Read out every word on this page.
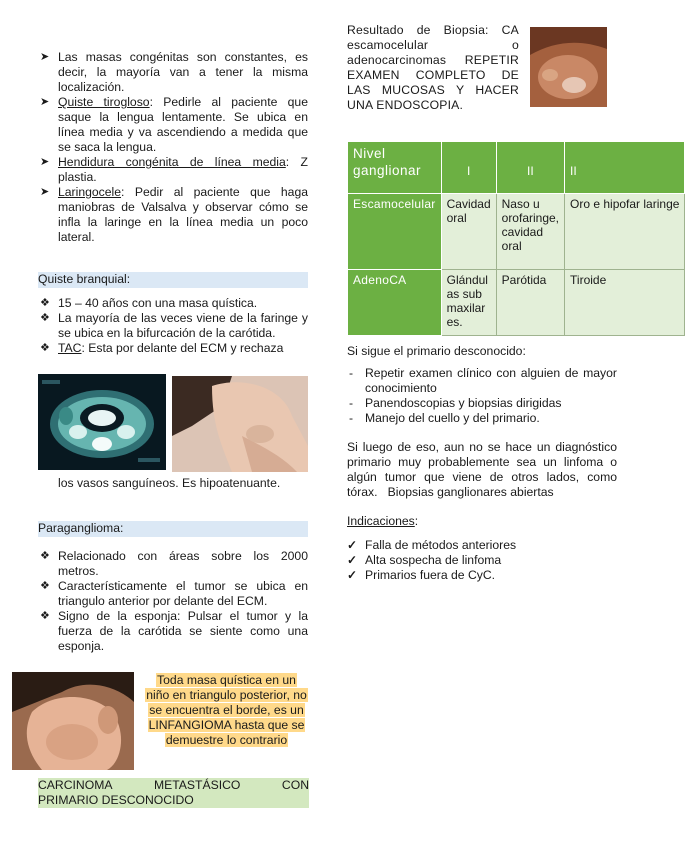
➤ Las masas congénitas son constantes, es decir, la mayoría van a tener la misma localización.
➤ Quiste tirogloso: Pedirle al paciente que saque la lengua lentamente. Se ubica en línea media y va ascendiendo a medida que se saca la lengua.
➤ Hendidura congénita de línea media: Z plastia.
➤ Laringocele: Pedir al paciente que haga maniobras de Valsalva y observar cómo se infla la laringe en la línea media un poco lateral.
Quiste branquial:
❖ 15 – 40 años con una masa quística.
❖ La mayoría de las veces viene de la faringe y se ubica en la bifurcación de la carótida.
❖ TAC: Esta por delante del ECM y rechaza
los vasos sanguíneos. Es hipoatenuante.
Paraganglioma:
❖ Relacionado con áreas sobre los 2000 metros.
❖ Característicamente el tumor se ubica en triangulo anterior por delante del ECM.
❖ Signo de la esponja: Pulsar el tumor y la fuerza de la carótida se siente como una esponja.
Toda masa quística en un niño en triangulo posterior, no se encuentra el borde, es un LINFANGIOMA hasta que se demuestre lo contrario
CARCINOMA	METASTÁSICO	CON
PRIMARIO DESCONOCIDO
Resultado de Biopsia: CA escamocelular o adenocarcinomas REPETIR EXAMEN COMPLETO DE LAS MUCOSAS Y HACER UNA ENDOSCOPIA.
Nivel ganglionar	I	II	II
Escamocelular	Cavidad oral	Naso u orofaringe, cavidad oral	Oro e hipofar laringe
AdenoCA	Glándulas submaxilares.	Parótida	Tiroide
Si sigue el primario desconocido:
- Repetir examen clínico con alguien de mayor conocimiento
- Panendoscopias y biopsias dirigidas
- Manejo del cuello y del primario.
Si luego de eso, aun no se hace un diagnóstico primario muy probablemente sea un linfoma o algún tumor que viene de otros lados, como tórax.   Biopsias ganglionares abiertas
Indicaciones:
✓ Falla de métodos anteriores
✓ Alta sospecha de linfoma
✓ Primarios fuera de CyC.
